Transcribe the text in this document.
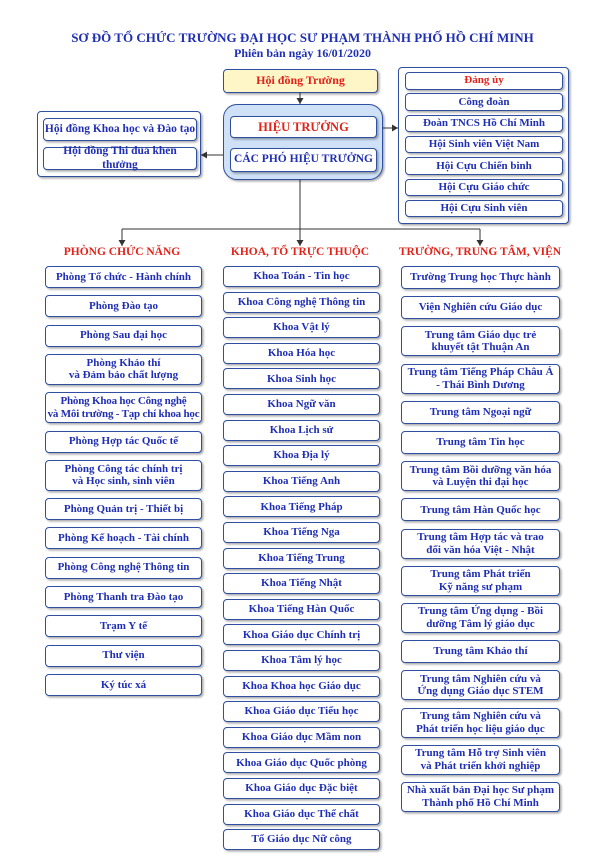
SƠ ĐỒ TỔ CHỨC TRƯỜNG ĐẠI HỌC SƯ PHẠM THÀNH PHỐ HỒ CHÍ MINH
Phiên bản ngày 16/01/2020
Hội đồng Trường
HIỆU TRƯỞNG
CÁC PHÓ HIỆU TRƯỞNG
Hội đồng Khoa học và Đào tạo
Hội đồng Thi đua khen thưởng
Đảng ủy
Công đoàn
Đoàn TNCS Hồ Chí Minh
Hội Sinh viên Việt Nam
Hội Cựu Chiến binh
Hội Cựu Giáo chức
Hội Cựu Sinh viên
PHÒNG CHỨC NĂNG
Phòng Tổ chức - Hành chính
Phòng Đào tạo
Phòng Sau đại học
Phòng Khảo thí
và Đảm bảo chất lượng
Phòng Khoa học Công nghệ
và Môi trường - Tạp chí khoa học
Phòng Hợp tác Quốc tế
Phòng Công tác chính trị
và Học sinh, sinh viên
Phòng Quản trị - Thiết bị
Phòng Kế hoạch - Tài chính
Phòng Công nghệ Thông tin
Phòng Thanh tra Đào tạo
Trạm Y tế
Thư viện
Ký túc xá
KHOA, TỔ TRỰC THUỘC
Khoa Toán - Tin học
Khoa Công nghệ Thông tin
Khoa Vật lý
Khoa Hóa học
Khoa Sinh học
Khoa Ngữ văn
Khoa Lịch sử
Khoa Địa lý
Khoa Tiếng Anh
Khoa Tiếng Pháp
Khoa Tiếng Nga
Khoa Tiếng Trung
Khoa Tiếng Nhật
Khoa Tiếng Hàn Quốc
Khoa Giáo dục Chính trị
Khoa Tâm lý học
Khoa Khoa học Giáo dục
Khoa Giáo dục Tiểu học
Khoa Giáo dục Mầm non
Khoa Giáo dục Quốc phòng
Khoa Giáo dục Đặc biệt
Khoa Giáo dục Thể chất
Tổ Giáo dục Nữ công
TRƯỜNG, TRUNG TÂM, VIỆN
Trường Trung học Thực hành
Viện Nghiên cứu Giáo dục
Trung tâm Giáo dục trẻ
khuyết tật Thuận An
Trung tâm Tiếng Pháp Châu Á
- Thái Bình Dương
Trung tâm Ngoại ngữ
Trung tâm Tin học
Trung tâm Bồi dưỡng văn hóa
và Luyện thi đại học
Trung tâm Hàn Quốc học
Trung tâm Hợp tác và trao
đổi văn hóa Việt - Nhật
Trung tâm Phát triển
Kỹ năng sư phạm
Trung tâm Ứng dụng - Bồi
dưỡng Tâm lý giáo dục
Trung tâm Khảo thí
Trung tâm Nghiên cứu và
Ứng dụng Giáo dục STEM
Trung tâm Nghiên cứu và
Phát triển học liệu giáo dục
Trung tâm Hỗ trợ Sinh viên
và Phát triển khởi nghiệp
Nhà xuất bản Đại học Sư phạm
Thành phố Hồ Chí Minh
